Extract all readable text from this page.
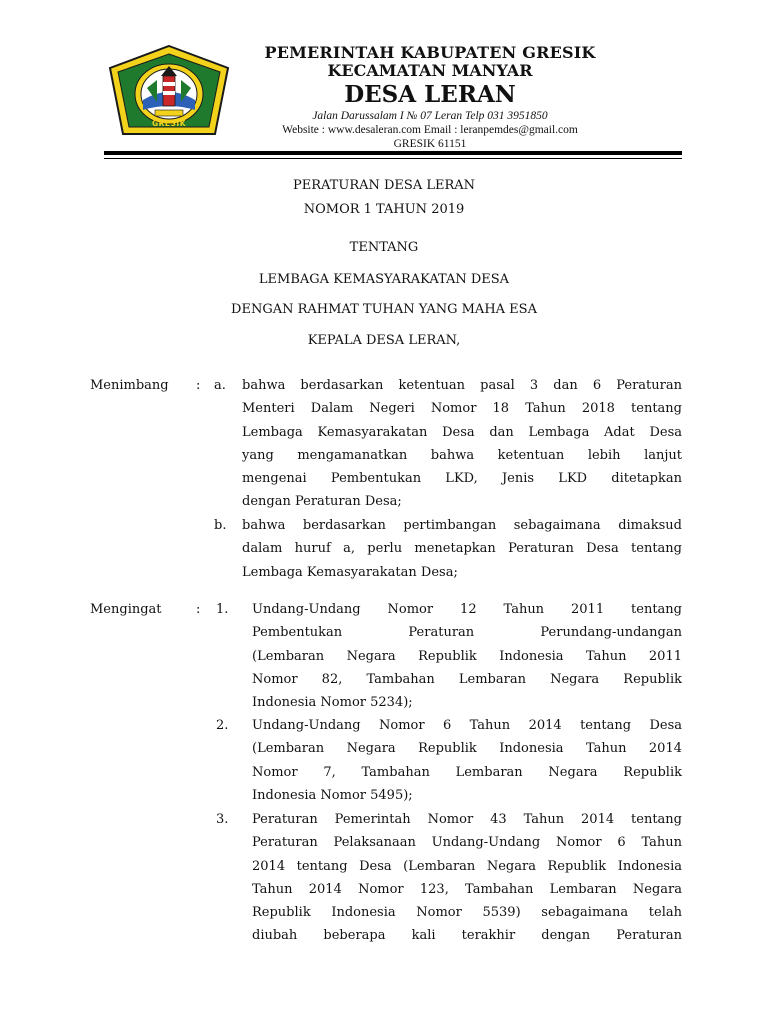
GRESIK
PEMERINTAH KABUPATEN GRESIK
KECAMATAN MANYAR
DESA LERAN
Jalan Darussalam I № 07 Leran Telp 031 3951850
Website : www.desaleran.com Email : leranpemdes@gmail.com
GRESIK 61151
PERATURAN DESA LERAN
NOMOR 1 TAHUN 2019
TENTANG
LEMBAGA KEMASYARAKATAN DESA
DENGAN RAHMAT TUHAN YANG MAHA ESA
KEPALA DESA LERAN,
Menimbang : a. bahwa berdasarkan ketentuan pasal 3 dan 6 Peraturan
Menteri Dalam Negeri Nomor 18 Tahun 2018 tentang
Lembaga Kemasyarakatan Desa dan Lembaga Adat Desa
yang mengamanatkan bahwa ketentuan lebih lanjut
mengenai Pembentukan LKD, Jenis LKD ditetapkan
dengan Peraturan Desa;
b. bahwa berdasarkan pertimbangan sebagaimana dimaksud
dalam huruf a, perlu menetapkan Peraturan Desa tentang
Lembaga Kemasyarakatan Desa;
Mengingat	: 1. Undang-Undang Nomor 12 Tahun 2011 tentang
Pembentukan Peraturan Perundang-undangan
(Lembaran Negara Republik Indonesia Tahun 2011
Nomor 82, Tambahan Lembaran Negara Republik
Indonesia Nomor 5234);
2. Undang-Undang Nomor 6 Tahun 2014 tentang Desa
(Lembaran Negara Republik Indonesia Tahun 2014
Nomor 7, Tambahan Lembaran Negara Republik
Indonesia Nomor 5495);
3. Peraturan Pemerintah Nomor 43 Tahun 2014 tentang
Peraturan Pelaksanaan Undang-Undang Nomor 6 Tahun
2014 tentang Desa (Lembaran Negara Republik Indonesia
Tahun 2014 Nomor 123, Tambahan Lembaran Negara
Republik Indonesia Nomor 5539) sebagaimana telah
diubah beberapa kali terakhir dengan Peraturan
